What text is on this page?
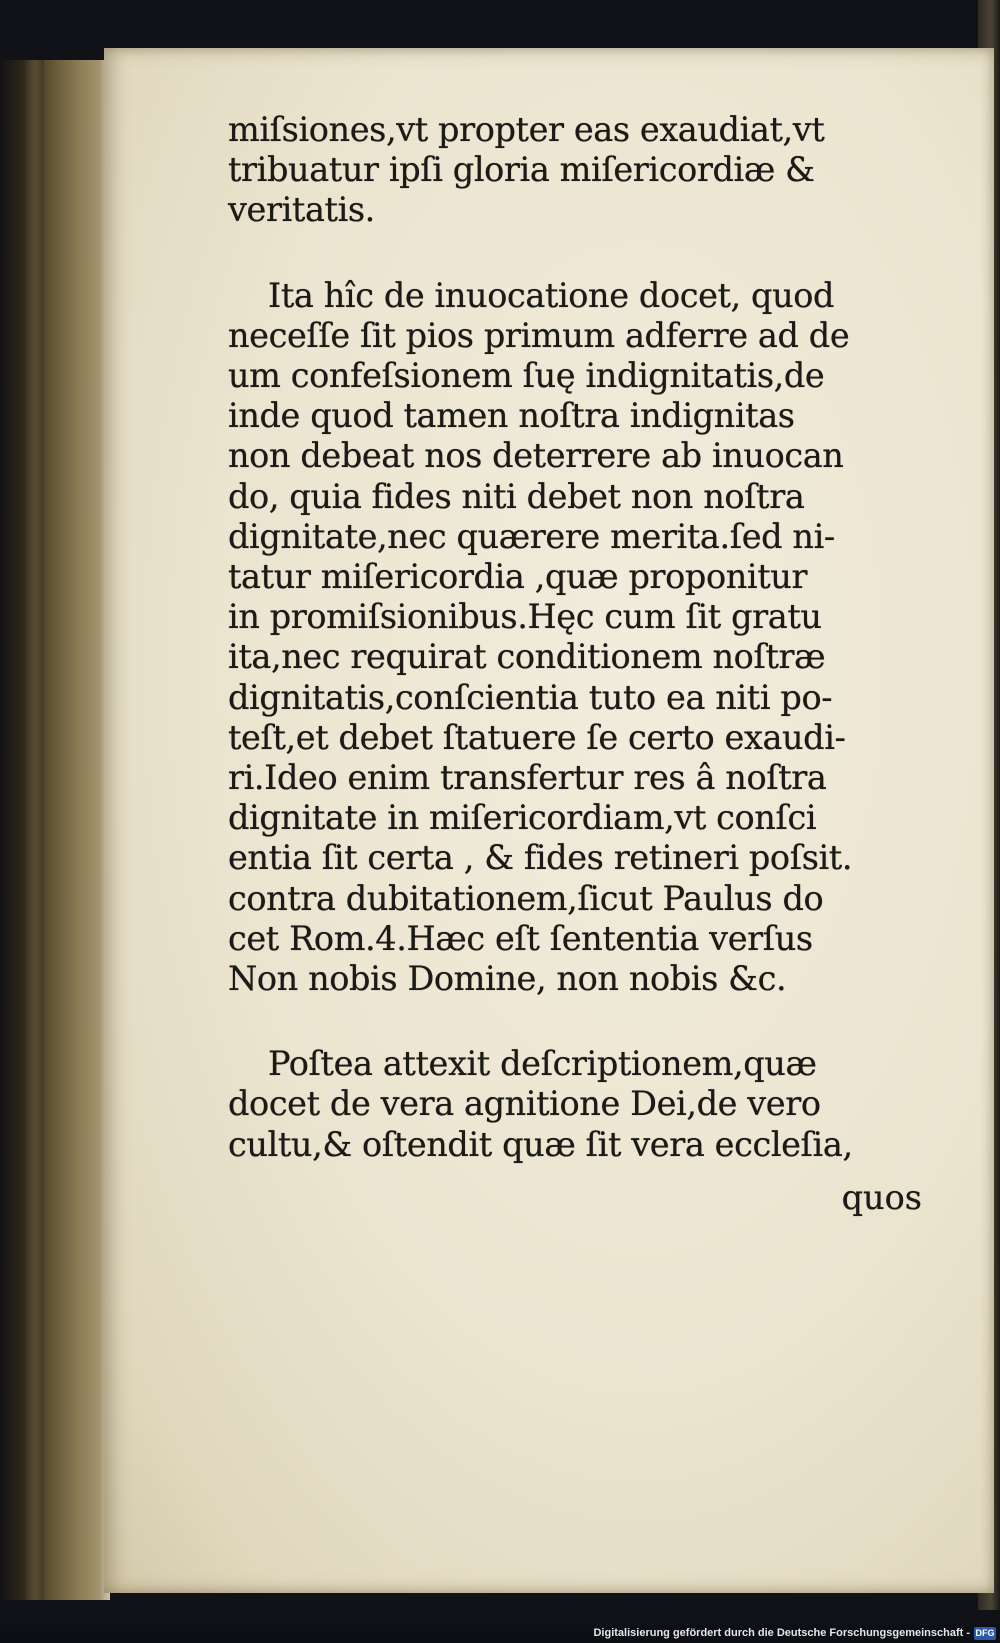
miſsiones,vt propter eas exaudiat,vt
tribuatur ipſi gloria miſericordiæ &
veritatis.
Ita hîc de inuocatione docet, quod
neceſſe ſit pios primum adferre ad de
um confeſsionem ſuę indignitatis,de
inde quod tamen noſtra indignitas
non debeat nos deterrere ab inuocan
do, quia fides niti debet non noſtra
dignitate,nec quærere merita.ſed ni-
tatur miſericordia ,quæ proponitur
in promiſsionibus.Hęc cum ſit gratu
ita,nec requirat conditionem noſtræ
dignitatis,conſcientia tuto ea niti po-
teſt,et debet ſtatuere ſe certo exaudi-
ri.Ideo enim transfertur res â noſtra
dignitate in miſericordiam,vt conſci
entia ſit certa , & fides retineri poſsit.
contra dubitationem,ſicut Paulus do
cet Rom.4.Hæc eſt ſententia verſus
Non nobis Domine, non nobis &c.
Poſtea attexit deſcriptionem,quæ
docet de vera agnitione Dei,de vero
cultu,& oſtendit quæ ſit vera eccleſia,
quos
Digitalisierung gefördert durch die Deutsche Forschungsgemeinschaft - DFG
